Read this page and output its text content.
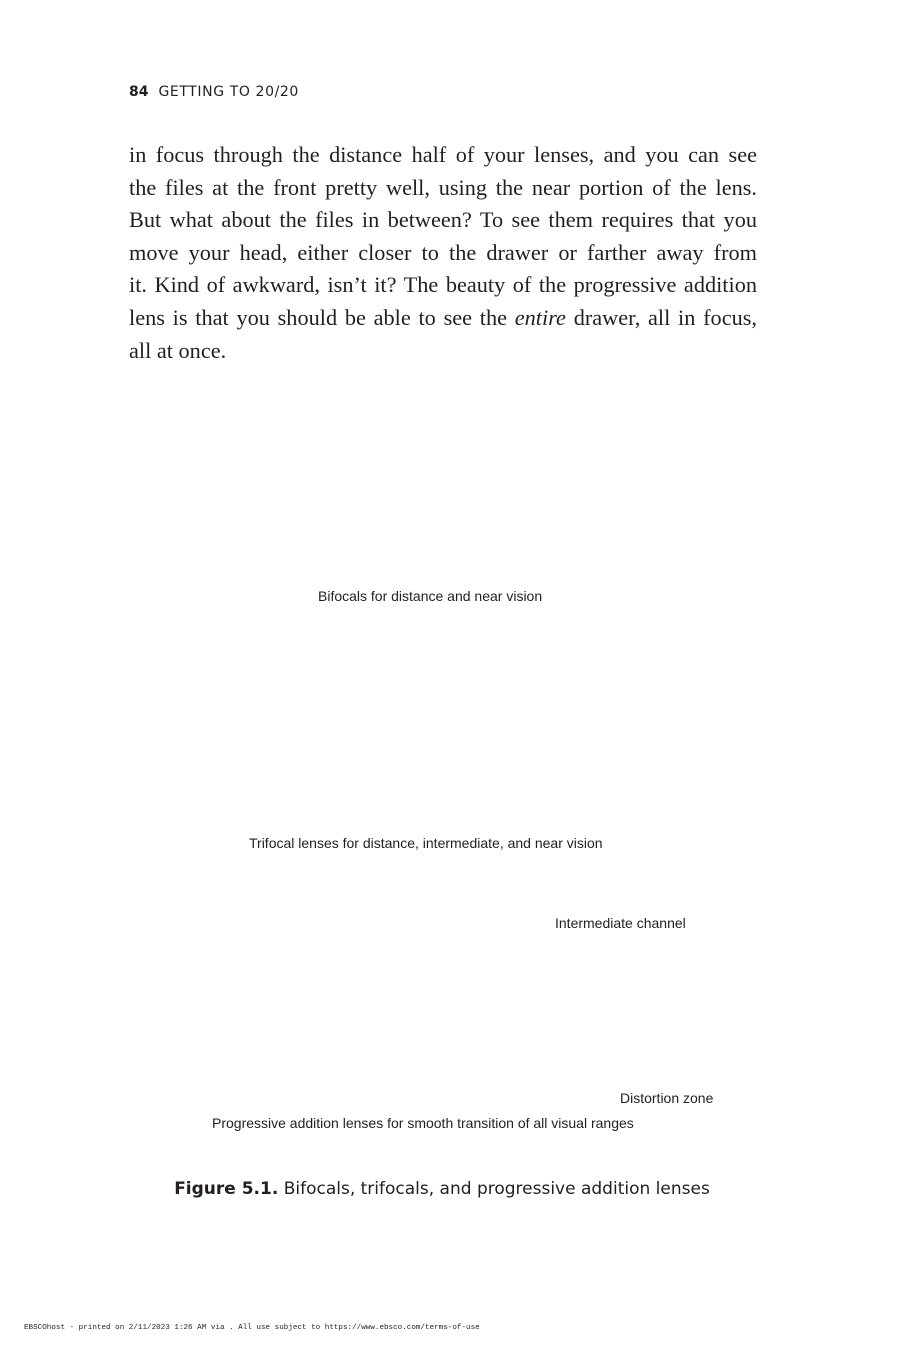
84 GETTING TO 20/20
in focus through the distance half of your lenses, and you can see
the files at the front pretty well, using the near portion of the lens.
But what about the files in between? To see them requires that you
move your head, either closer to the drawer or farther away from
it. Kind of awkward, isn’t it? The beauty of the progressive addition
lens is that you should be able to see the entire drawer, all in focus,
all at once.
Bifocals for distance and near vision
Trifocal lenses for distance, intermediate, and near vision
Intermediate channel
Distortion zone
Progressive addition lenses for smooth transition of all visual ranges
Figure 5.1. Bifocals, trifocals, and progressive addition lenses
EBSCOhost - printed on 2/11/2023 1:26 AM via . All use subject to https://www.ebsco.com/terms-of-use
